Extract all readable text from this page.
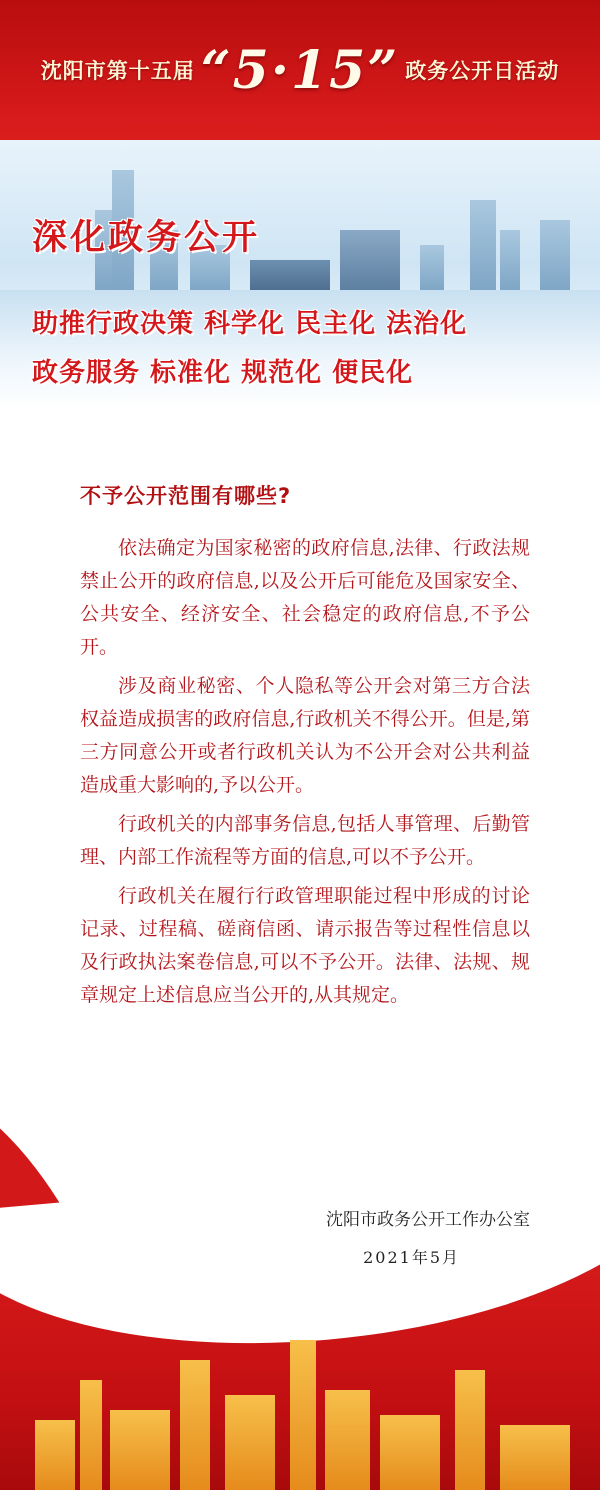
沈阳市第十五届 “5·15” 政务公开日活动
深化政务公开
助推行政决策 科学化 民主化 法治化
政务服务 标准化 规范化 便民化
不予公开范围有哪些?

依法确定为国家秘密的政府信息,法律、行政法规禁止公开的政府信息,以及公开后可能危及国家安全、公共安全、经济安全、社会稳定的政府信息,不予公开。

涉及商业秘密、个人隐私等公开会对第三方合法权益造成损害的政府信息,行政机关不得公开。但是,第三方同意公开或者行政机关认为不公开会对公共利益造成重大影响的,予以公开。

行政机关的内部事务信息,包括人事管理、后勤管理、内部工作流程等方面的信息,可以不予公开。

行政机关在履行行政管理职能过程中形成的讨论记录、过程稿、磋商信函、请示报告等过程性信息以及行政执法案卷信息,可以不予公开。法律、法规、规章规定上述信息应当公开的,从其规定。

沈阳市政务公开工作办公室
2021年5月
